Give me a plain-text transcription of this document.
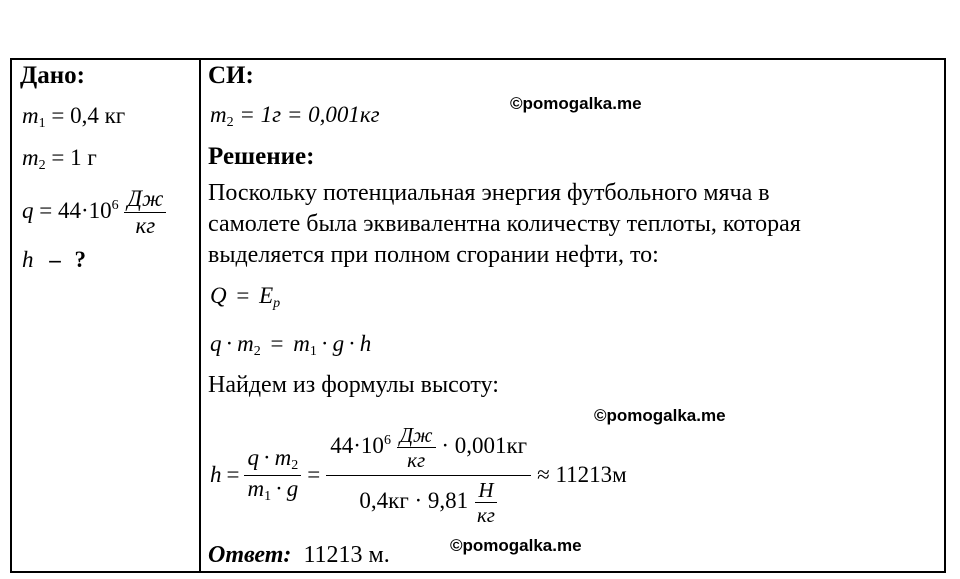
Дано:
$m_1 = 0,4$ кг
$m_2 = 1$ г
$q = 44\cdot 10^6 \frac{Дж}{кг}$
h – ?
СИ:
$m_2 = 1г = 0,001кг$	©pomogalka.me
Решение:
Поскольку потенциальная энергия футбольного мяча в
самолете была эквивалентна количеству теплоты, которая
выделяется при полном сгорании нефти, то:
$Q = E_p$
$q \cdot m_2 = m_1 \cdot g \cdot h$
Найдем из формулы высоту:
©pomogalka.me
$h = \frac{q \cdot m_2}{m_1 \cdot g} = \frac{44\cdot 10^6 \frac{Дж}{кг} \cdot 0,001кг}{0,4кг \cdot 9,81 \frac{Н}{кг}} \approx 11213м$
Ответ: 11213 м.	©pomogalka.me
